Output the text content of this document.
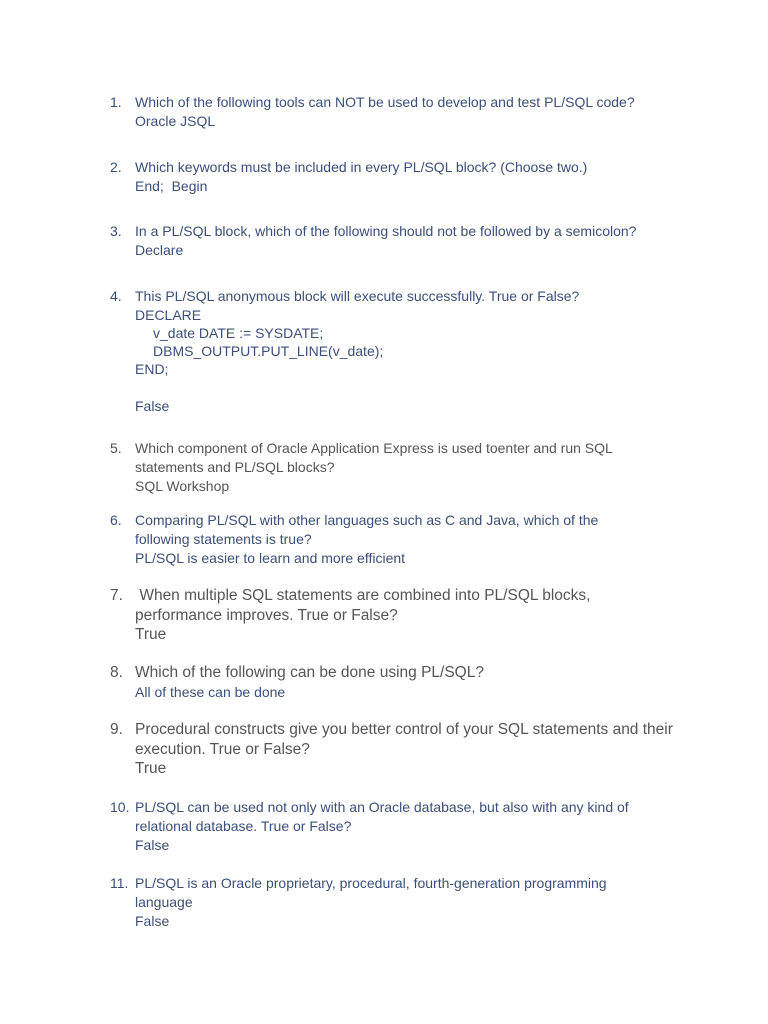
1. Which of the following tools can NOT be used to develop and test PL/SQL code?
Oracle JSQL
2. Which keywords must be included in every PL/SQL block? (Choose two.)
End;  Begin
3. In a PL/SQL block, which of the following should not be followed by a semicolon?
Declare
4. This PL/SQL anonymous block will execute successfully. True or False?
DECLARE
v_date DATE := SYSDATE;
DBMS_OUTPUT.PUT_LINE(v_date);
END;
False
5. Which component of Oracle Application Express is used toenter and run SQL statements and PL/SQL blocks?
SQL Workshop
6. Comparing PL/SQL with other languages such as C and Java, which of the following statements is true?
PL/SQL is easier to learn and more efficient
7. When multiple SQL statements are combined into PL/SQL blocks, performance improves. True or False?
True
8. Which of the following can be done using PL/SQL?
All of these can be done
9. Procedural constructs give you better control of your SQL statements and their execution. True or False?
True
10. PL/SQL can be used not only with an Oracle database, but also with any kind of relational database. True or False?
False
11. PL/SQL is an Oracle proprietary, procedural, fourth-generation programming language
False
